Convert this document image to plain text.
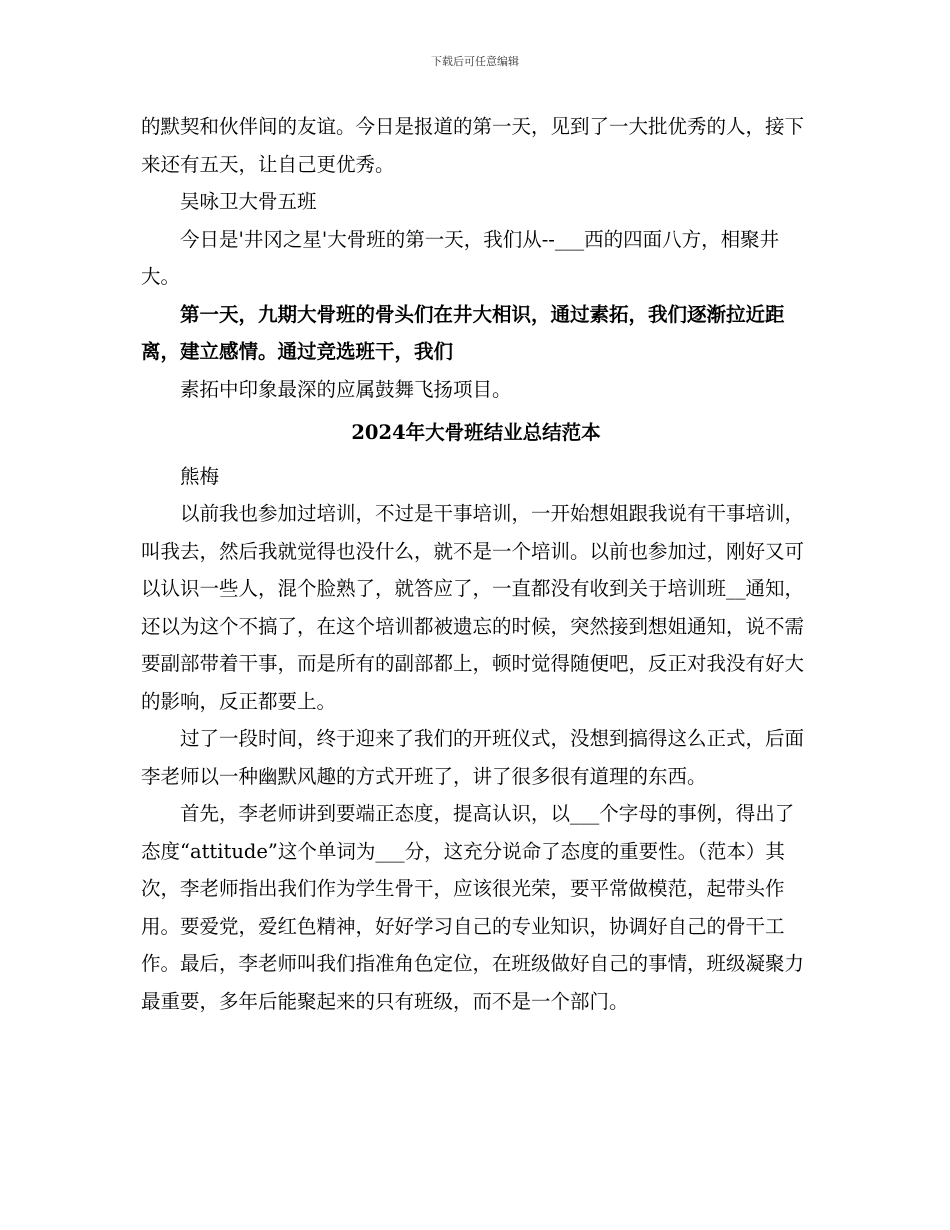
下载后可任意编辑

的默契和伙伴间的友谊。今日是报道的第一天，见到了一大批优秀的人，接下来还有五天，让自己更优秀。

吴咏卫大骨五班

今日是'井冈之星'大骨班的第一天，我们从--___西的四面八方，相聚井大。

第一天，九期大骨班的骨头们在井大相识，通过素拓，我们逐渐拉近距离，建立感情。通过竞选班干，我们

素拓中印象最深的应属鼓舞飞扬项目。

2024年大骨班结业总结范本

熊梅

以前我也参加过培训，不过是干事培训，一开始想姐跟我说有干事培训，叫我去，然后我就觉得也没什么，就不是一个培训。以前也参加过，刚好又可以认识一些人，混个脸熟了，就答应了，一直都没有收到关于培训班__通知，还以为这个不搞了，在这个培训都被遗忘的时候，突然接到想姐通知，说不需要副部带着干事，而是所有的副部都上，顿时觉得随便吧，反正对我没有好大的影响，反正都要上。

过了一段时间，终于迎来了我们的开班仪式，没想到搞得这么正式，后面李老师以一种幽默风趣的方式开班了，讲了很多很有道理的东西。

首先，李老师讲到要端正态度，提高认识，以___个字母的事例，得出了态度“attitude”这个单词为___分，这充分说命了态度的重要性。（范本）其次，李老师指出我们作为学生骨干，应该很光荣，要平常做模范，起带头作用。要爱党，爱红色精神，好好学习自己的专业知识，协调好自己的骨干工作。最后，李老师叫我们指准角色定位，在班级做好自己的事情，班级凝聚力最重要，多年后能聚起来的只有班级，而不是一个部门。
